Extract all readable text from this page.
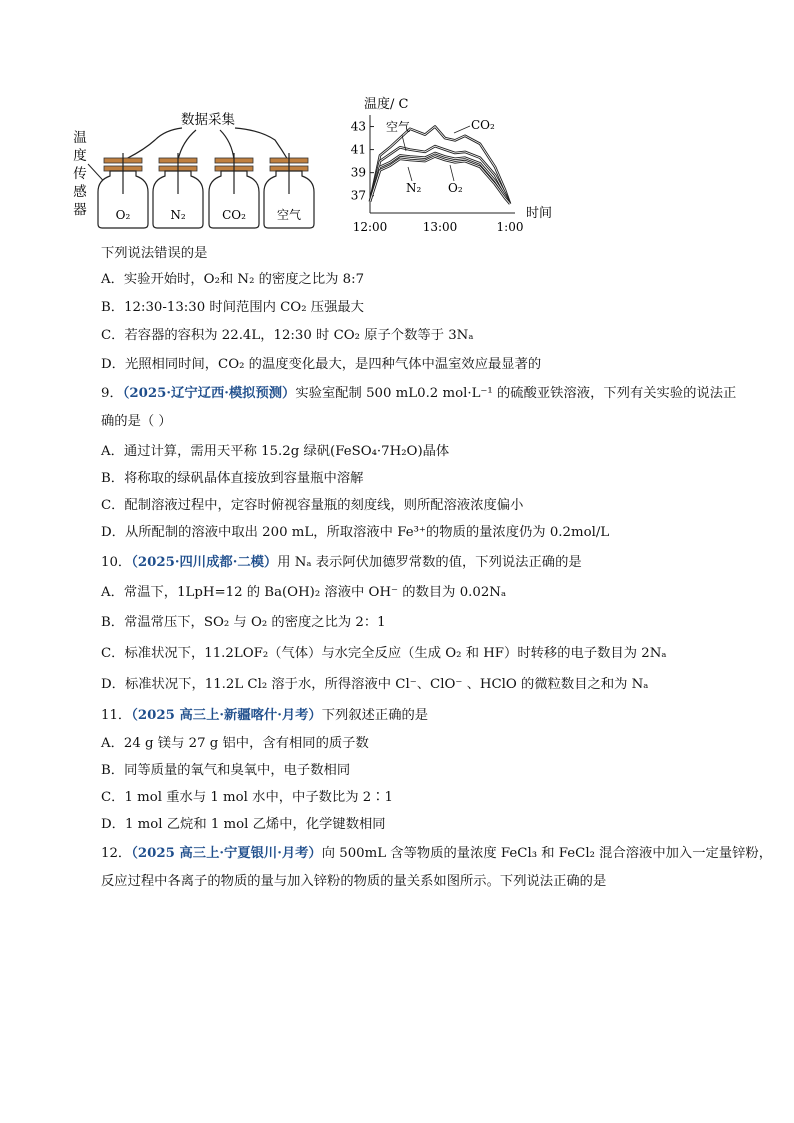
数据采集
温
度
传
感
器 O₂	N₂	CO₂	空气
温度/ C
时间
43
41
39
37
12:00	13:00	1:00
空气	CO₂
N₂ O₂
下列说法错误的是
A．实验开始时，O₂和 N₂ 的密度之比为 8:7
B．12:30-13:30 时间范围内 CO₂ 压强最大
C．若容器的容积为 22.4L，12:30 时 CO₂ 原子个数等于 3Nₐ
D．光照相同时间，CO₂ 的温度变化最大，是四种气体中温室效应最显著的
9．（2025·辽宁辽西·模拟预测）实验室配制 500 mL0.2 mol·L⁻¹ 的硫酸亚铁溶液，下列有关实验的说法正
确的是（ ）
A．通过计算，需用天平称 15.2g 绿矾(FeSO₄·7H₂O)晶体
B．将称取的绿矾晶体直接放到容量瓶中溶解
C．配制溶液过程中，定容时俯视容量瓶的刻度线，则所配溶液浓度偏小
D．从所配制的溶液中取出 200 mL，所取溶液中 Fe³⁺的物质的量浓度仍为 0.2mol/L
10．（2025·四川成都·二模）用 Nₐ 表示阿伏加德罗常数的值，下列说法正确的是
A．常温下，1LpH=12 的 Ba(OH)₂ 溶液中 OH⁻ 的数目为 0.02Nₐ
B．常温常压下，SO₂ 与 O₂ 的密度之比为 2：1
C．标准状况下，11.2LOF₂（气体）与水完全反应（生成 O₂ 和 HF）时转移的电子数目为 2Nₐ
D．标准状况下，11.2L Cl₂ 溶于水，所得溶液中 Cl⁻、ClO⁻ 、HClO 的微粒数目之和为 Nₐ
11．（2025 高三上·新疆喀什·月考）下列叙述正确的是
A．24 g 镁与 27 g 铝中，含有相同的质子数
B．同等质量的氧气和臭氧中，电子数相同
C．1 mol 重水与 1 mol 水中，中子数比为 2∶1
D．1 mol 乙烷和 1 mol 乙烯中，化学键数相同
12．（2025 高三上·宁夏银川·月考）向 500mL 含等物质的量浓度 FeCl₃ 和 FeCl₂ 混合溶液中加入一定量锌粉，
反应过程中各离子的物质的量与加入锌粉的物质的量关系如图所示。下列说法正确的是
